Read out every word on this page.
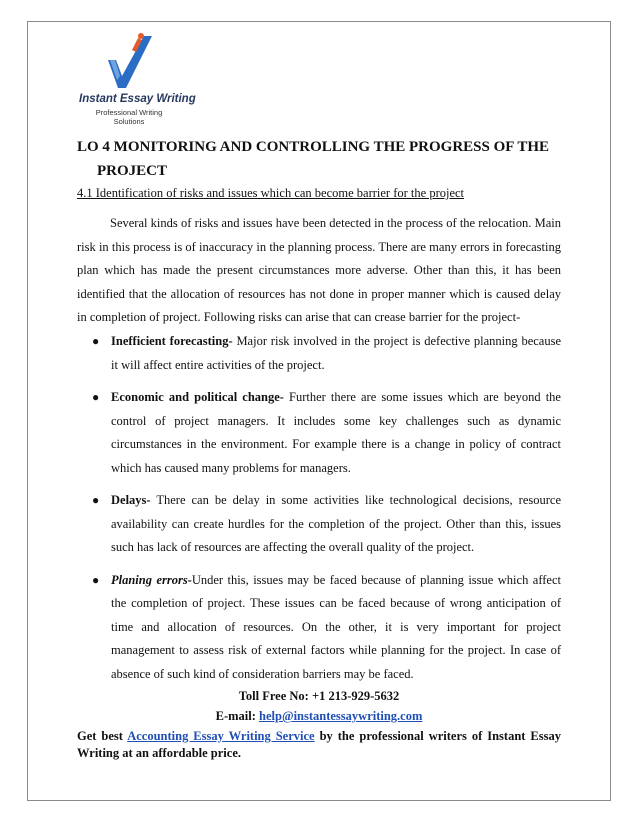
Instant Essay Writing
Professional Writing
Solutions
LO 4 MONITORING AND CONTROLLING THE PROGRESS OF THE
PROJECT
4.1 Identification of risks and issues which can become barrier for the project

Several kinds of risks and issues have been detected in the process of the relocation. Main risk in this process is of inaccuracy in the planning process. There are many errors in forecasting plan which has made the present circumstances more adverse. Other than this, it has been identified that the allocation of resources has not done in proper manner which is caused delay in completion of project. Following risks can arise that can crease barrier for the project-

● Inefficient forecasting- Major risk involved in the project is defective planning because it will affect entire activities of the project.
● Economic and political change- Further there are some issues which are beyond the control of project managers. It includes some key challenges such as dynamic circumstances in the environment. For example there is a change in policy of contract which has caused many problems for managers.
● Delays- There can be delay in some activities like technological decisions, resource availability can create hurdles for the completion of the project. Other than this, issues such has lack of resources are affecting the overall quality of the project.
● Planing errors-Under this, issues may be faced because of planning issue which affect the completion of project. These issues can be faced because of wrong anticipation of time and allocation of resources. On the other, it is very important for project management to assess risk of external factors while planning for the project. In case of absence of such kind of consideration barriers may be faced.
Toll Free No: +1 213-929-5632
E-mail: help@instantessaywriting.com
Get best Accounting Essay Writing Service by the professional writers of Instant Essay Writing at an affordable price.
